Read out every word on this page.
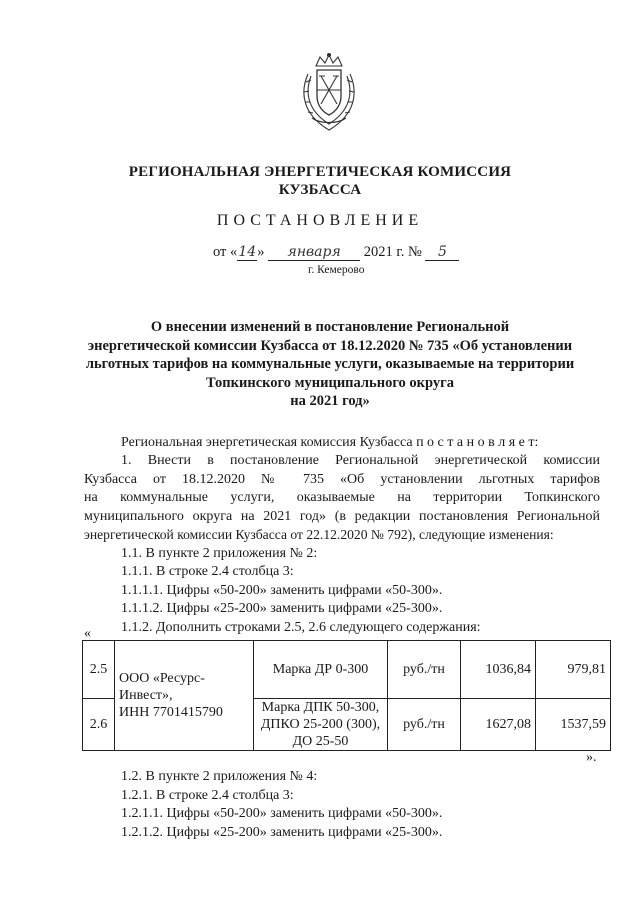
РЕГИОНАЛЬНАЯ ЭНЕРГЕТИЧЕСКАЯ КОМИССИЯ
КУЗБАССА
ПОСТАНОВЛЕНИЕ
от «14» января 2021 г. № 5
г. Кемерово
О внесении изменений в постановление Региональной
энергетической комиссии Кузбасса от 18.12.2020 № 735 «Об установлении
льготных тарифов на коммунальные услуги, оказываемые на территории
Топкинского муниципального округа
на 2021 год»
Региональная энергетическая комиссия Кузбасса п о с т а н о в л я е т:
1. Внести в постановление Региональной энергетической комиссии
Кузбасса от 18.12.2020 № 735 «Об установлении льготных тарифов
на коммунальные услуги, оказываемые на территории Топкинского
муниципального округа на 2021 год» (в редакции постановления Региональной
энергетической комиссии Кузбасса от 22.12.2020 № 792), следующие изменения:
1.1. В пункте 2 приложения № 2:
1.1.1. В строке 2.4 столбца 3:
1.1.1.1. Цифры «50-200» заменить цифрами «50-300».
1.1.1.2. Цифры «25-200» заменить цифрами «25-300».
1.1.2. Дополнить строками 2.5, 2.6 следующего содержания:
«
2.5	ООО «Ресурс-
Инвест»,
ИНН 7701415790	Марка ДР 0-300	руб./тн	1036,84	979,81
2.6		Марка ДПК 50-300,
ДПКО 25-200 (300),
ДО 25-50	руб./тн	1627,08	1537,59
».
1.2. В пункте 2 приложения № 4:
1.2.1. В строке 2.4 столбца 3:
1.2.1.1. Цифры «50-200» заменить цифрами «50-300».
1.2.1.2. Цифры «25-200» заменить цифрами «25-300».
